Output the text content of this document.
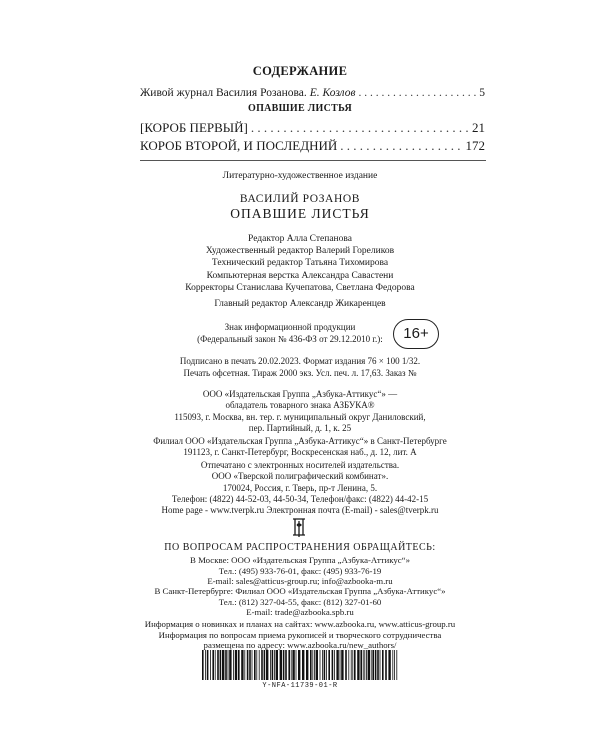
СОДЕРЖАНИЕ
Живой журнал Василия Розанова. Е. Козлов . . .	5
ОПАВШИЕ ЛИСТЬЯ
[КОРОБ ПЕРВЫЙ] . . .	21
КОРОБ ВТОРОЙ, И ПОСЛЕДНИЙ . . .	172
Литературно-художественное издание
ВАСИЛИЙ РОЗАНОВ
ОПАВШИЕ ЛИСТЬЯ
Редактор Алла Степанова
Художественный редактор Валерий Гореликов
Технический редактор Татьяна Тихомирова
Компьютерная верстка Александра Савастени
Корректоры Станислава Кучепатова, Светлана Федорова
Главный редактор Александр Жикаренцев
Знак информационной продукции
(Федеральный закон № 436-ФЗ от 29.12.2010 г.):	16+
Подписано в печать 20.02.2023. Формат издания 76 × 100 1/32.
Печать офсетная. Тираж 2000 экз. Усл. печ. л. 17,63. Заказ №
ООО «Издательская Группа „Азбука-Аттикус“» —
обладатель товарного знака АЗБУКА®
115093, г. Москва, вн. тер. г. муниципальный округ Даниловский,
пер. Партийный, д. 1, к. 25
Филиал ООО «Издательская Группа „Азбука-Аттикус“» в Санкт-Петербурге
191123, г. Санкт-Петербург, Воскресенская наб., д. 12, лит. А
Отпечатано с электронных носителей издательства.
ООО «Тверской полиграфический комбинат».
170024, Россия, г. Тверь, пр-т Ленина, 5.
Телефон: (4822) 44-52-03, 44-50-34, Телефон/факс: (4822) 44-42-15
Home page - www.tverpk.ru Электронная почта (E-mail) - sales@tverpk.ru
ПО ВОПРОСАМ РАСПРОСТРАНЕНИЯ ОБРАЩАЙТЕСЬ:
В Москве: ООО «Издательская Группа „Азбука-Аттикус“»
Тел.: (495) 933-76-01, факс: (495) 933-76-19
E-mail: sales@atticus-group.ru; info@azbooka-m.ru
В Санкт-Петербурге: Филиал ООО «Издательская Группа „Азбука-Аттикус“»
Тел.: (812) 327-04-55, факс: (812) 327-01-60
E-mail: trade@azbooka.spb.ru
Информация о новинках и планах на сайтах: www.azbooka.ru, www.atticus-group.ru
Информация по вопросам приема рукописей и творческого сотрудничества
размещена по адресу: www.azbooka.ru/new_authors/
Y-NFA-11739-01-R
